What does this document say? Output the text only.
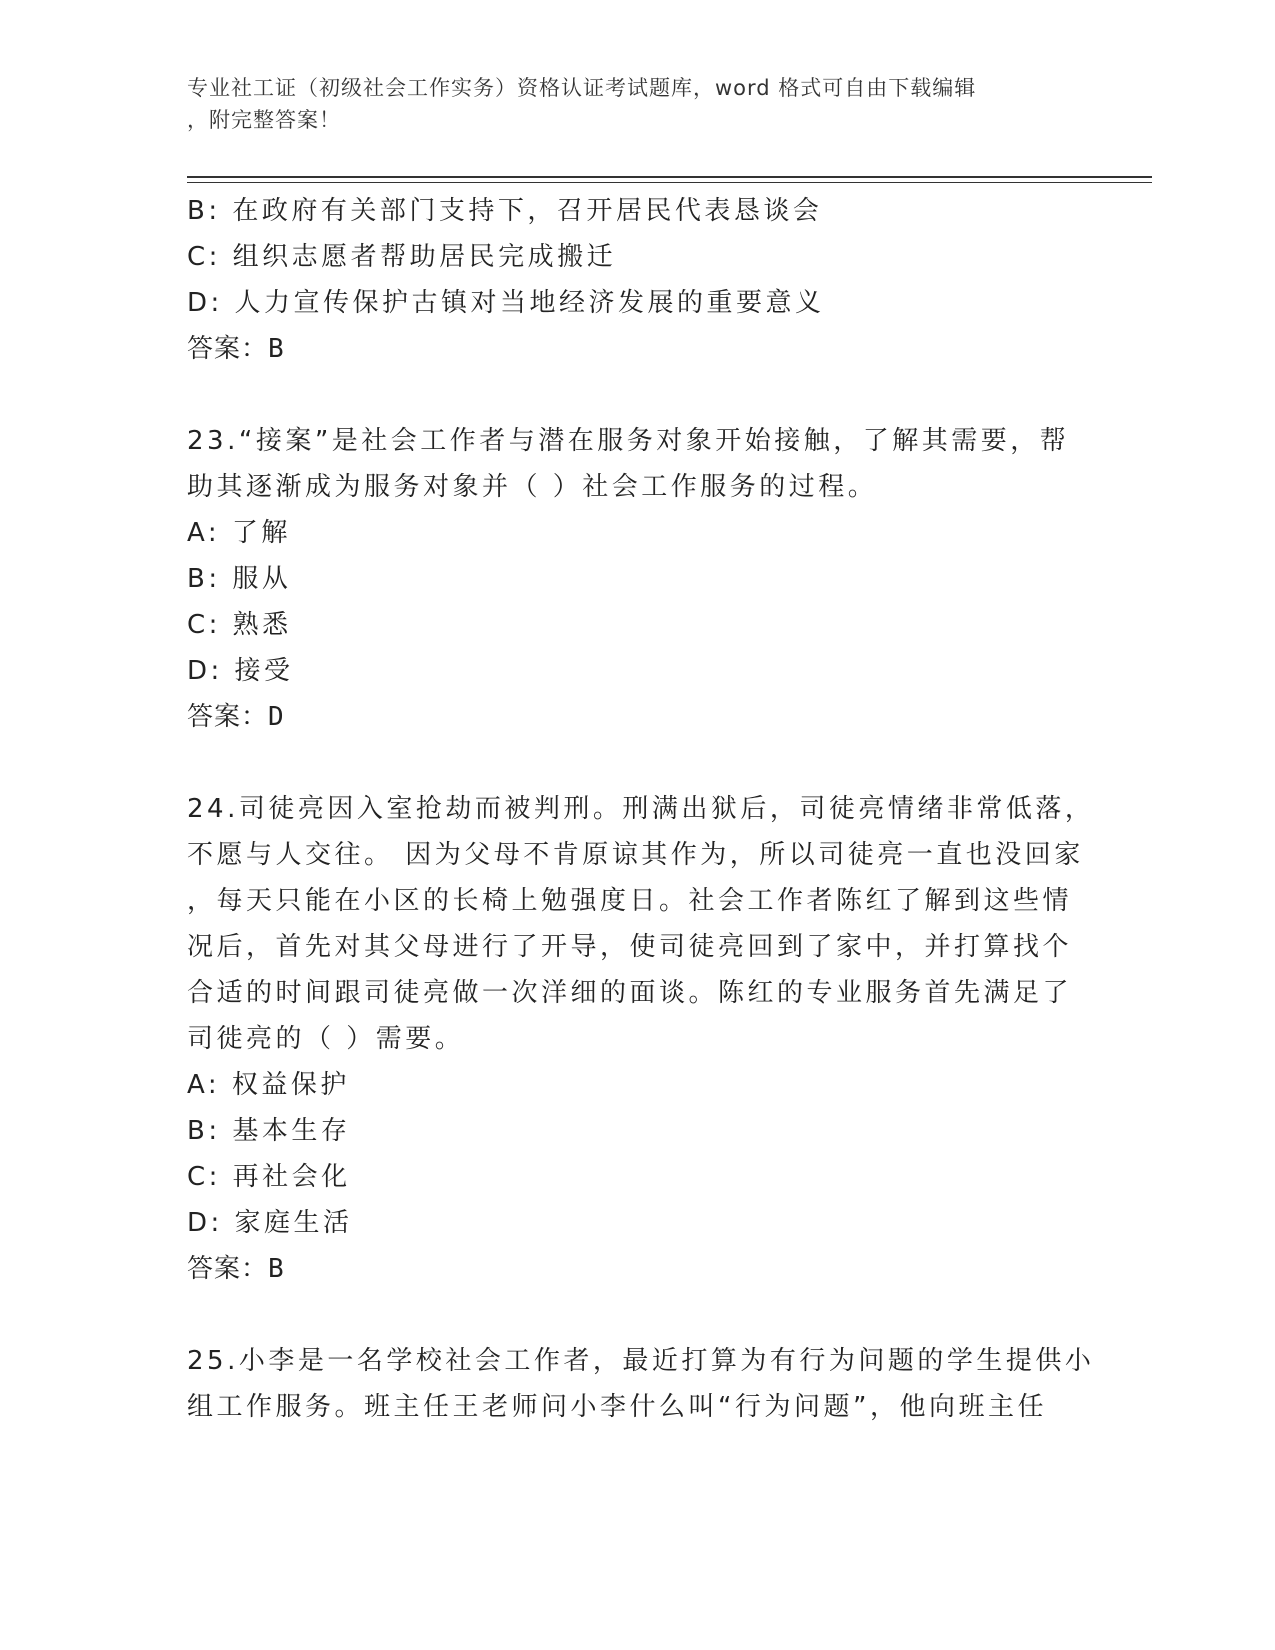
专业社工证（初级社会工作实务）资格认证考试题库，word 格式可自由下载编辑
，附完整答案！
B: 在政府有关部门支持下，召开居民代表恳谈会
C: 组织志愿者帮助居民完成搬迁
D: 人力宣传保护古镇对当地经济发展的重要意义
答案：B
23.“接案”是社会工作者与潜在服务对象开始接触，了解其需要，帮
助其逐渐成为服务对象并（ ）社会工作服务的过程。
A: 了解
B: 服从
C: 熟悉
D: 接受
答案：D
24.司徒亮因入室抢劫而被判刑。刑满出狱后，司徒亮情绪非常低落，
不愿与人交往。 因为父母不肯原谅其作为，所以司徒亮一直也没回家
，每天只能在小区的长椅上勉强度日。社会工作者陈红了解到这些情
况后，首先对其父母进行了开导，使司徒亮回到了家中，并打算找个
合适的时间跟司徒亮做一次洋细的面谈。陈红的专业服务首先满足了
司徙亮的（ ）需要。
A: 权益保护
B: 基本生存
C: 再社会化
D: 家庭生活
答案：B
25.小李是一名学校社会工作者，最近打算为有行为问题的学生提供小
组工作服务。班主任王老师问小李什么叫“行为问题”，他向班主任
